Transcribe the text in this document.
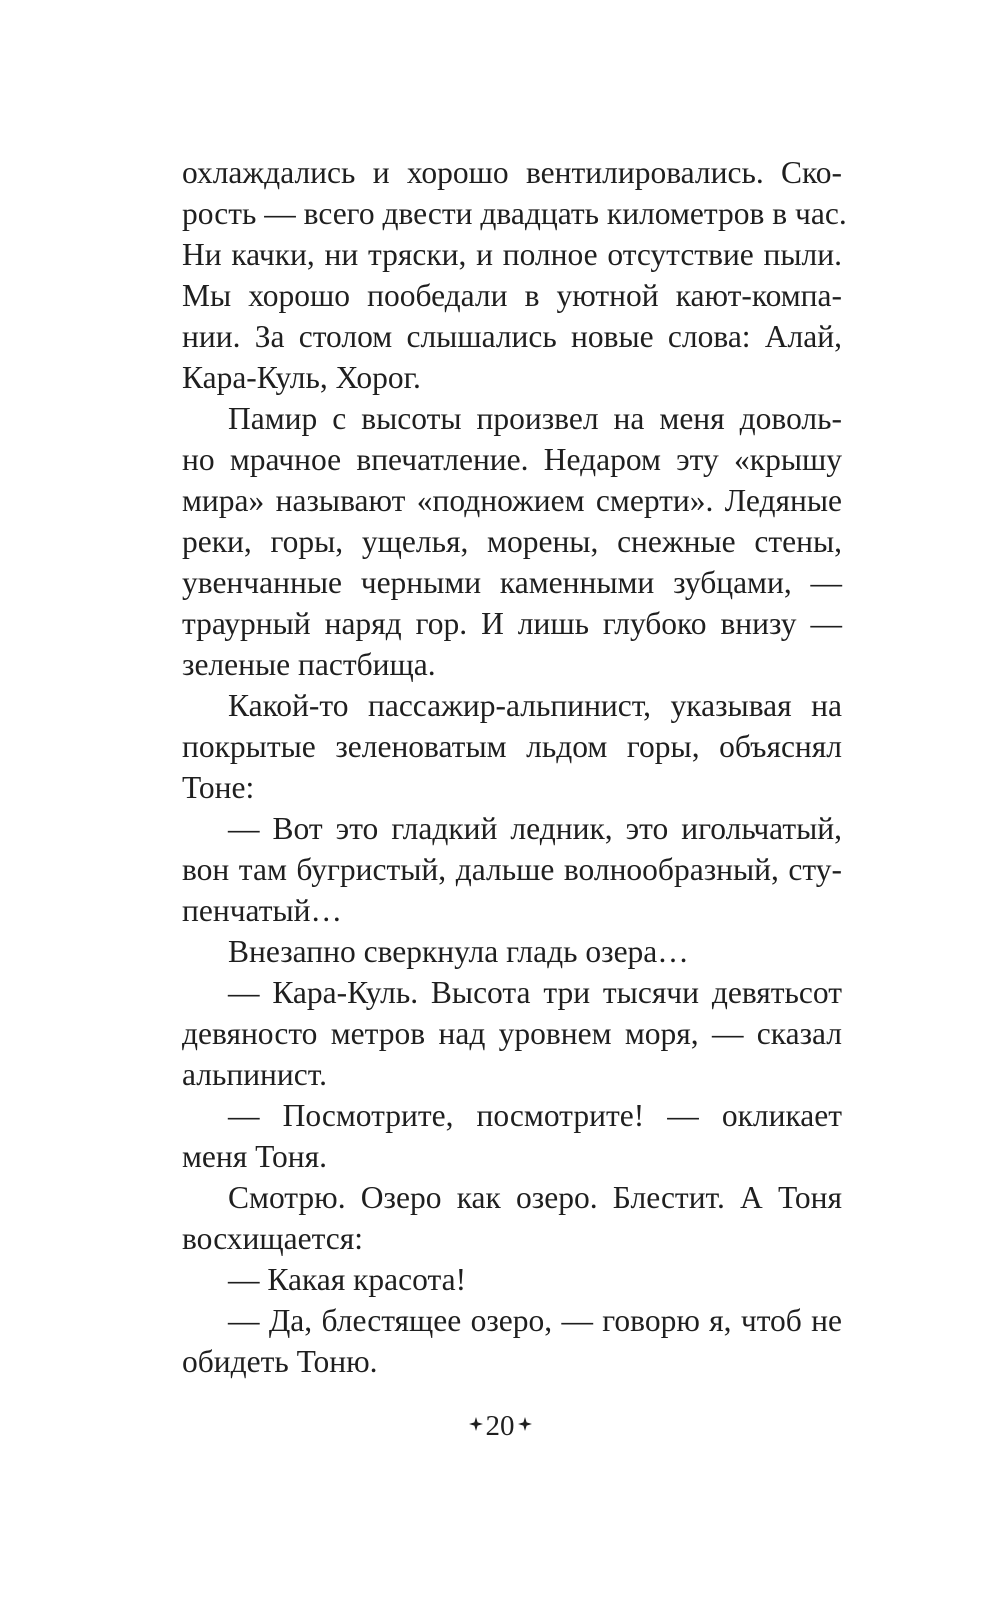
охлаждались и хорошо вентилировались. Ско-
рость — всего двести двадцать километров в час.
Ни качки, ни тряски, и полное отсутствие пыли.
Мы хорошо пообедали в уютной кают-компа-
нии. За столом слышались новые слова: Алай,
Кара-Куль, Хорог.
Памир с высоты произвел на меня доволь-
но мрачное впечатление. Недаром эту «крышу
мира» называют «подножием смерти». Ледяные
реки, горы, ущелья, морены, снежные стены,
увенчанные черными каменными зубцами, —
траурный наряд гор. И лишь глубоко внизу —
зеленые пастбища.
Какой-то пассажир-альпинист, указывая на
покрытые зеленоватым льдом горы, объяснял
Тоне:
— Вот это гладкий ледник, это игольчатый,
вон там бугристый, дальше волнообразный, сту-
пенчатый…
Внезапно сверкнула гладь озера…
— Кара-Куль. Высота три тысячи девятьсот
девяносто метров над уровнем моря, — сказал
альпинист.
— Посмотрите, посмотрите! — окликает
меня Тоня.
Смотрю. Озеро как озеро. Блестит. А Тоня
восхищается:
— Какая красота!
— Да, блестящее озеро, — говорю я, чтоб не
обидеть Тоню.
20
